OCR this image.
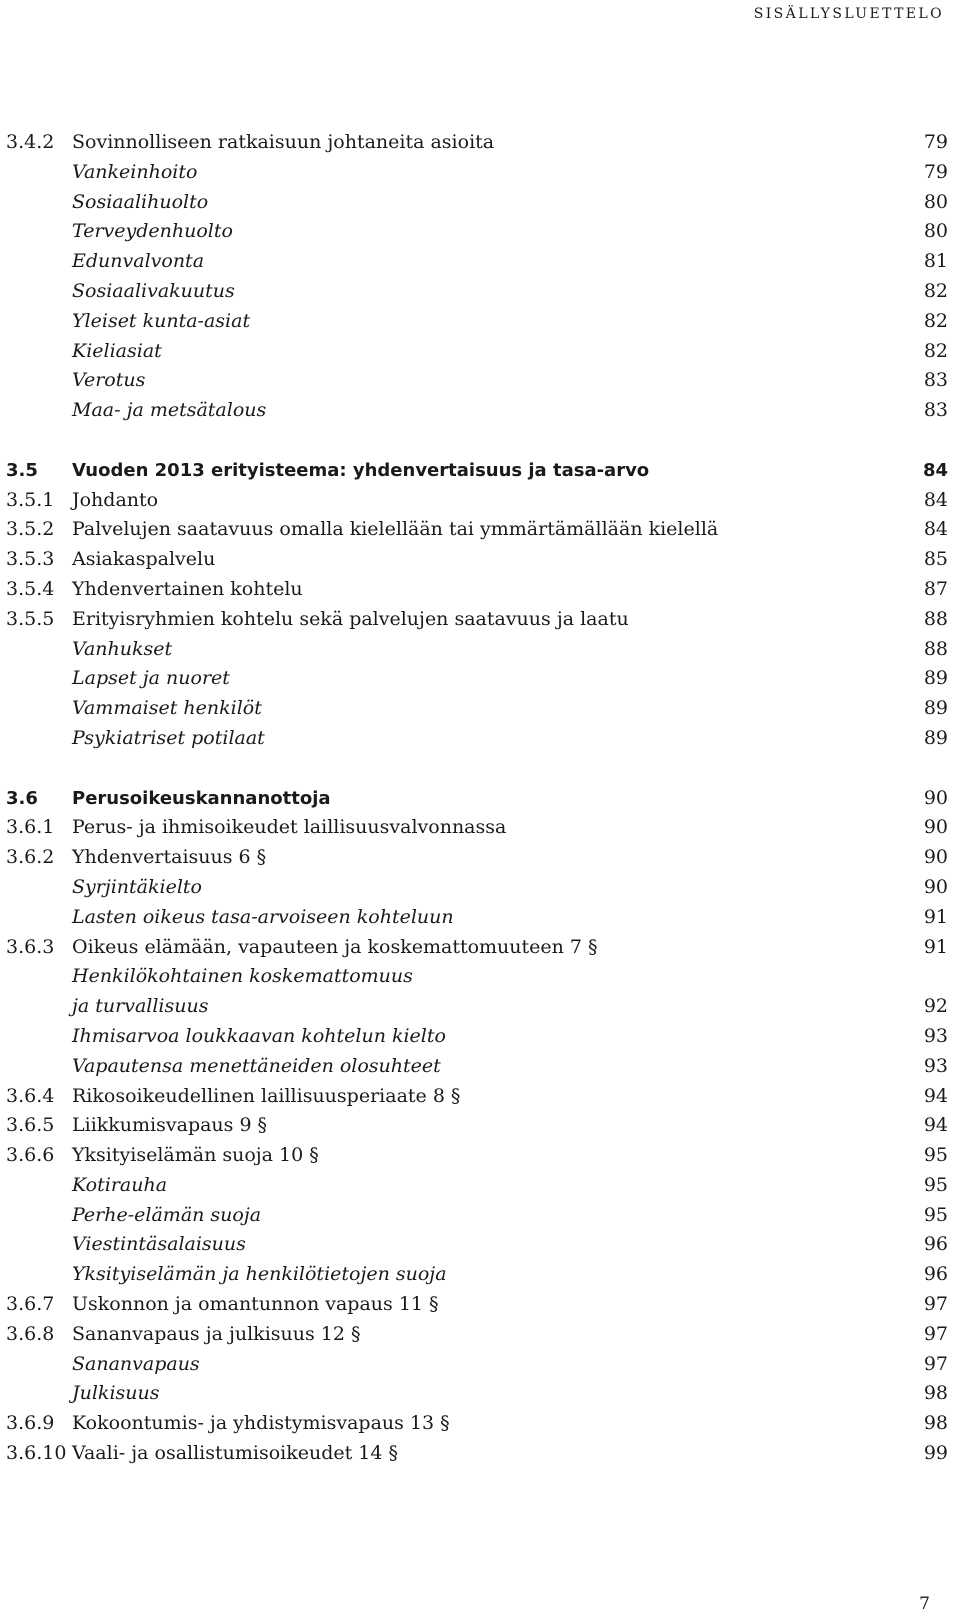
SISÄLLYSLUETTELO
3.4.2 Sovinnolliseen ratkaisuun johtaneita asioita	79
Vankeinhoito	79
Sosiaalihuolto	80
Terveydenhuolto	80
Edunvalvonta	81
Sosiaalivakuutus	82
Yleiset kunta-asiat	82
Kieliasiat	82
Verotus	83
Maa- ja metsätalous	83
3.5 Vuoden 2013 erityisteema: yhdenvertaisuus ja tasa-arvo	84
3.5.1 Johdanto	84
3.5.2 Palvelujen saatavuus omalla kielellään tai ymmärtämällään kielellä	84
3.5.3 Asiakaspalvelu	85
3.5.4 Yhdenvertainen kohtelu	87
3.5.5 Erityisryhmien kohtelu sekä palvelujen saatavuus ja laatu	88
Vanhukset	88
Lapset ja nuoret	89
Vammaiset henkilöt	89
Psykiatriset potilaat	89
3.6 Perusoikeuskannanottoja	90
3.6.1 Perus- ja ihmisoikeudet laillisuusvalvonnassa	90
3.6.2 Yhdenvertaisuus 6 §	90
Syrjintäkielto	90
Lasten oikeus tasa-arvoiseen kohteluun	91
3.6.3 Oikeus elämään, vapauteen ja koskemattomuuteen 7 §	91
Henkilökohtainen koskemattomuus
ja turvallisuus	92
Ihmisarvoa loukkaavan kohtelun kielto	93
Vapautensa menettäneiden olosuhteet	93
3.6.4 Rikosoikeudellinen laillisuusperiaate 8 §	94
3.6.5 Liikkumisvapaus 9 §	94
3.6.6 Yksityiselämän suoja 10 §	95
Kotirauha	95
Perhe-elämän suoja	95
Viestintäsalaisuus	96
Yksityiselämän ja henkilötietojen suoja	96
3.6.7 Uskonnon ja omantunnon vapaus 11 §	97
3.6.8 Sananvapaus ja julkisuus 12 §	97
Sananvapaus	97
Julkisuus	98
3.6.9 Kokoontumis- ja yhdistymisvapaus 13 §	98
3.6.10 Vaali- ja osallistumisoikeudet 14 §	99
7
